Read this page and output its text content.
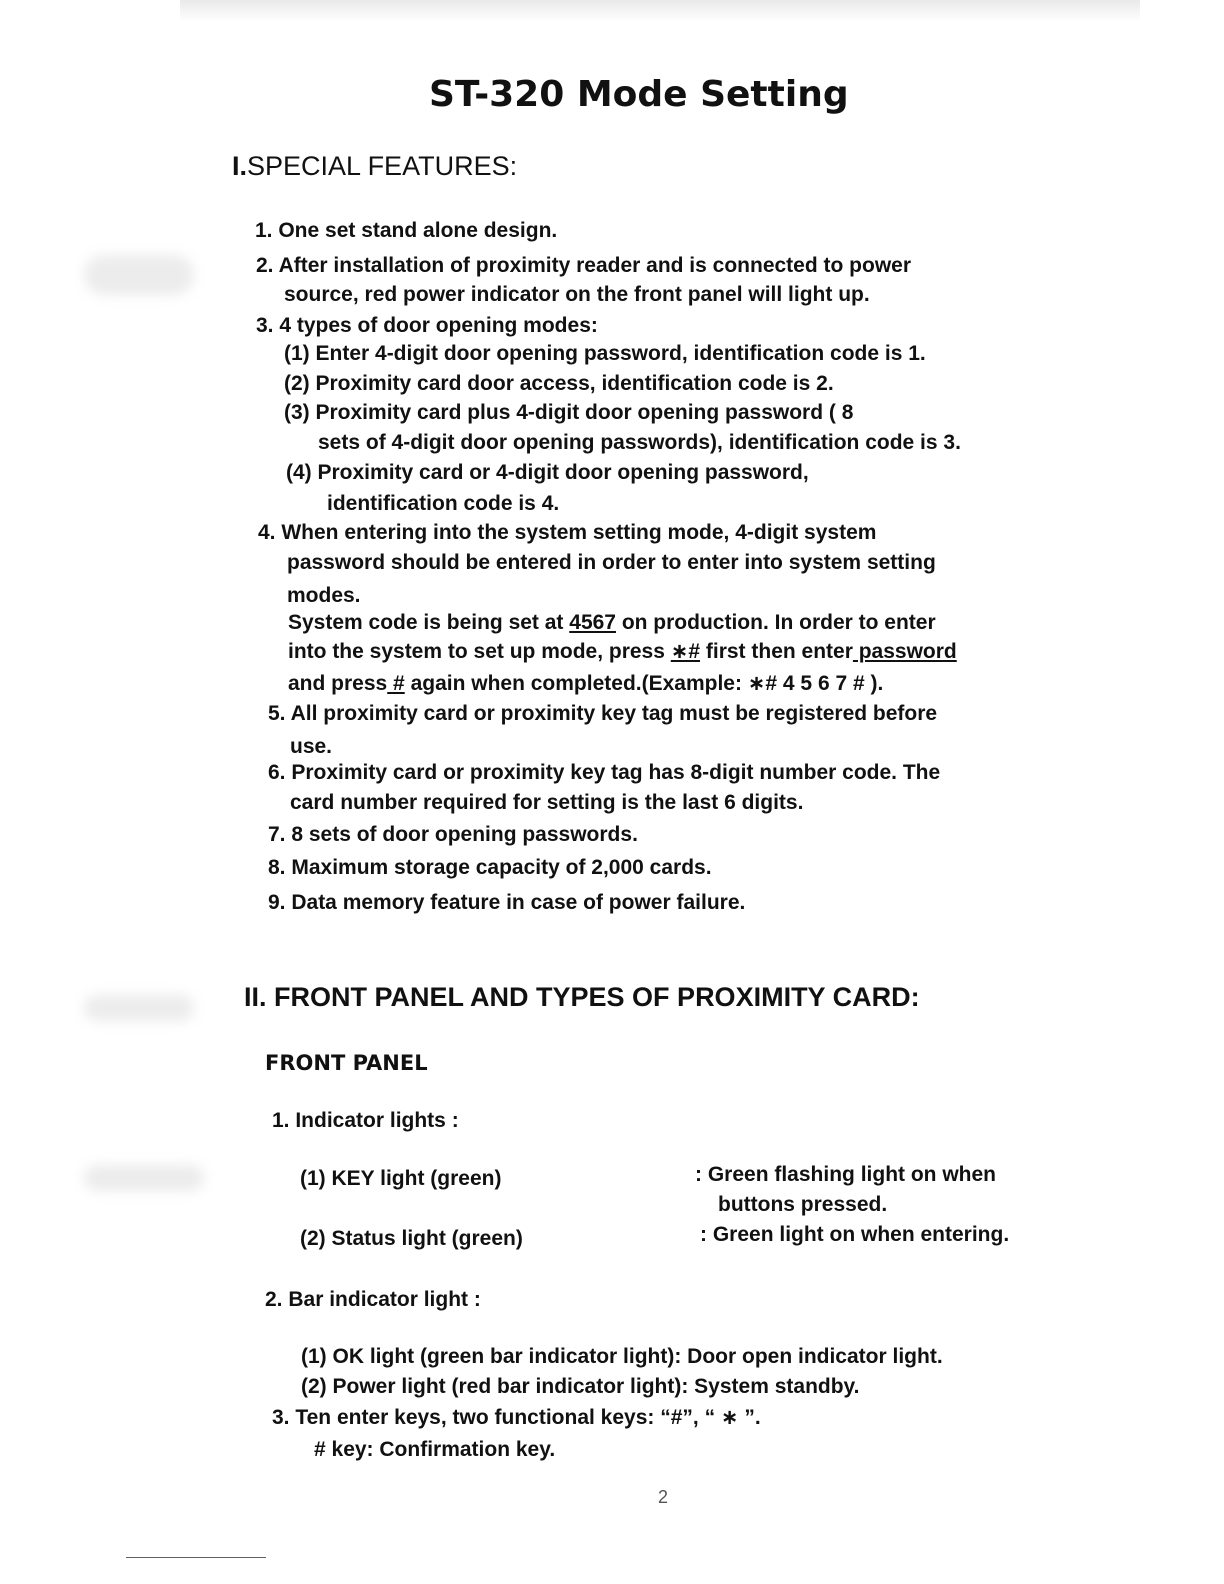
ST-320 Mode Setting
I.SPECIAL FEATURES:
1. One set stand alone design.
2. After installation of proximity reader and is connected to power
source, red power indicator on the front panel will light up.
3. 4 types of door opening modes:
(1) Enter 4-digit door opening password, identification code is 1.
(2) Proximity card door access, identification code is 2.
(3) Proximity card plus 4-digit door opening password ( 8
sets of 4-digit door opening passwords), identification code is 3.
(4) Proximity card or 4-digit door opening password,
identification code is 4.
4. When entering into the system setting mode, 4-digit system
password should be entered in order to enter into system setting
modes.
System code is being set at 4567 on production. In order to enter
into the system to set up mode, press ∗# first then enter password
and press # again when completed.(Example: ∗# 4 5 6 7 # ).
5. All proximity card or proximity key tag must be registered before
use.
6. Proximity card or proximity key tag has 8-digit number code. The
card number required for setting is the last 6 digits.
7. 8 sets of door opening passwords.
8. Maximum storage capacity of 2,000 cards.
9. Data memory feature in case of power failure.
II. FRONT PANEL AND TYPES OF PROXIMITY CARD:
FRONT PANEL
1. Indicator lights :
(1) KEY light (green)	: Green flashing light on when
buttons pressed.
(2) Status light (green)	: Green light on when entering.
2. Bar indicator light :
(1) OK light (green bar indicator light): Door open indicator light.
(2) Power light (red bar indicator light): System standby.
3. Ten enter keys, two functional keys: “#”, “ ∗ ”.
# key: Confirmation key.
2
